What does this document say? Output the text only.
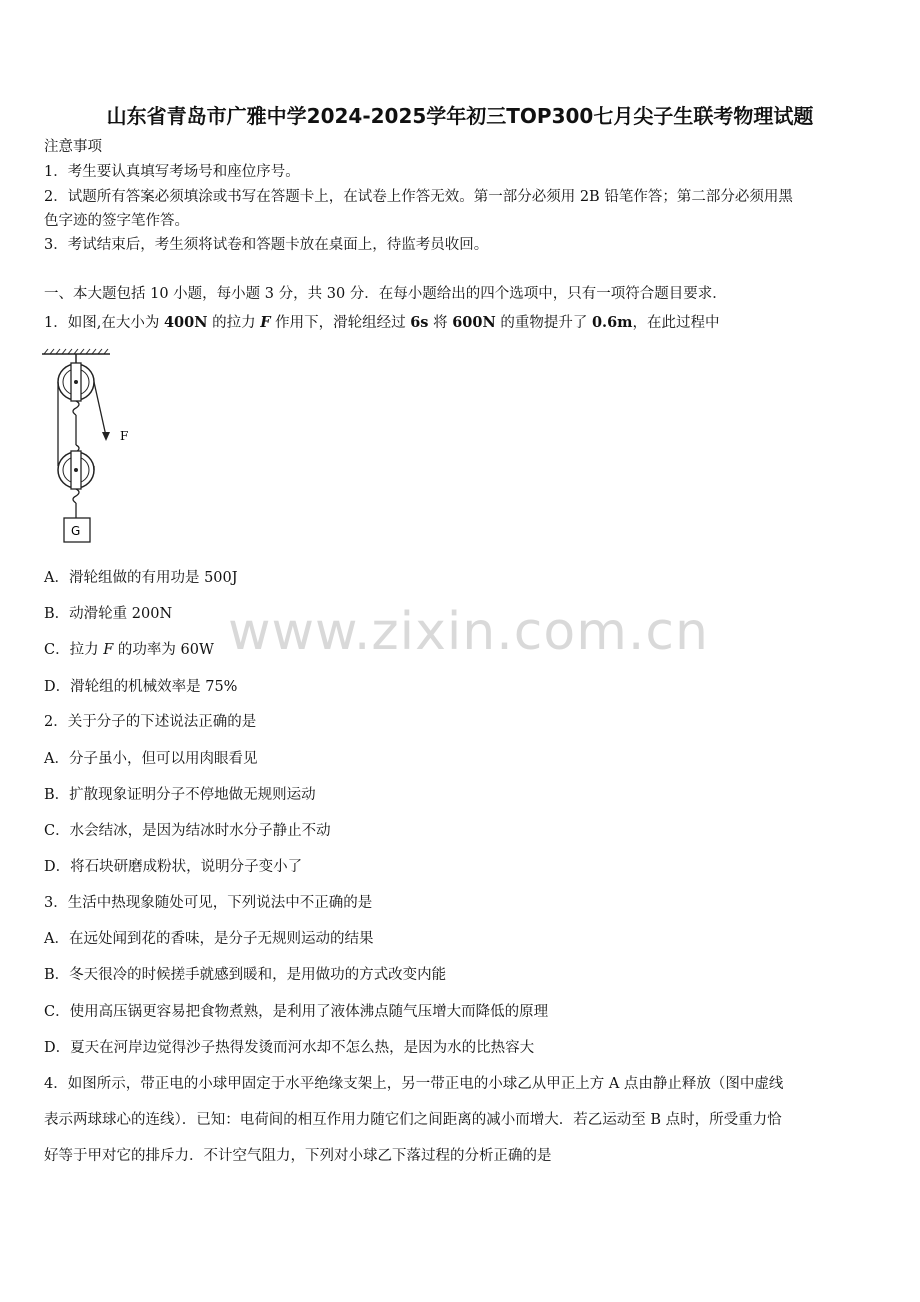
山东省青岛市广雅中学2024-2025学年初三TOP300七月尖子生联考物理试题
注意事项
1．考生要认真填写考场号和座位序号。
2．试题所有答案必须填涂或书写在答题卡上，在试卷上作答无效。第一部分必须用 2B 铅笔作答；第二部分必须用黑
色字迹的签字笔作答。
3．考试结束后，考生须将试卷和答题卡放在桌面上，待监考员收回。
一、本大题包括 10 小题，每小题 3 分，共 30 分．在每小题给出的四个选项中，只有一项符合题目要求．
1．如图,在大小为 400N 的拉力 F 作用下，滑轮组经过 6s 将 600N 的重物提升了 0.6m，在此过程中
F
G
A．滑轮组做的有用功是 500J
B．动滑轮重 200N
C．拉力 F 的功率为 60W
D．滑轮组的机械效率是 75%
2．关于分子的下述说法正确的是
A．分子虽小，但可以用肉眼看见
B．扩散现象证明分子不停地做无规则运动
C．水会结冰，是因为结冰时水分子静止不动
D．将石块研磨成粉状，说明分子变小了
3．生活中热现象随处可见，下列说法中不正确的是
A．在远处闻到花的香味，是分子无规则运动的结果
B．冬天很冷的时候搓手就感到暖和，是用做功的方式改变内能
C．使用高压锅更容易把食物煮熟，是利用了液体沸点随气压增大而降低的原理
D．夏天在河岸边觉得沙子热得发烫而河水却不怎么热，是因为水的比热容大
4．如图所示，带正电的小球甲固定于水平绝缘支架上，另一带正电的小球乙从甲正上方 A 点由静止释放（图中虚线
表示两球球心的连线）．已知：电荷间的相互作用力随它们之间距离的减小而增大．若乙运动至 B 点时，所受重力恰
好等于甲对它的排斥力．不计空气阻力，下列对小球乙下落过程的分析正确的是
www.zixin.com.cn
